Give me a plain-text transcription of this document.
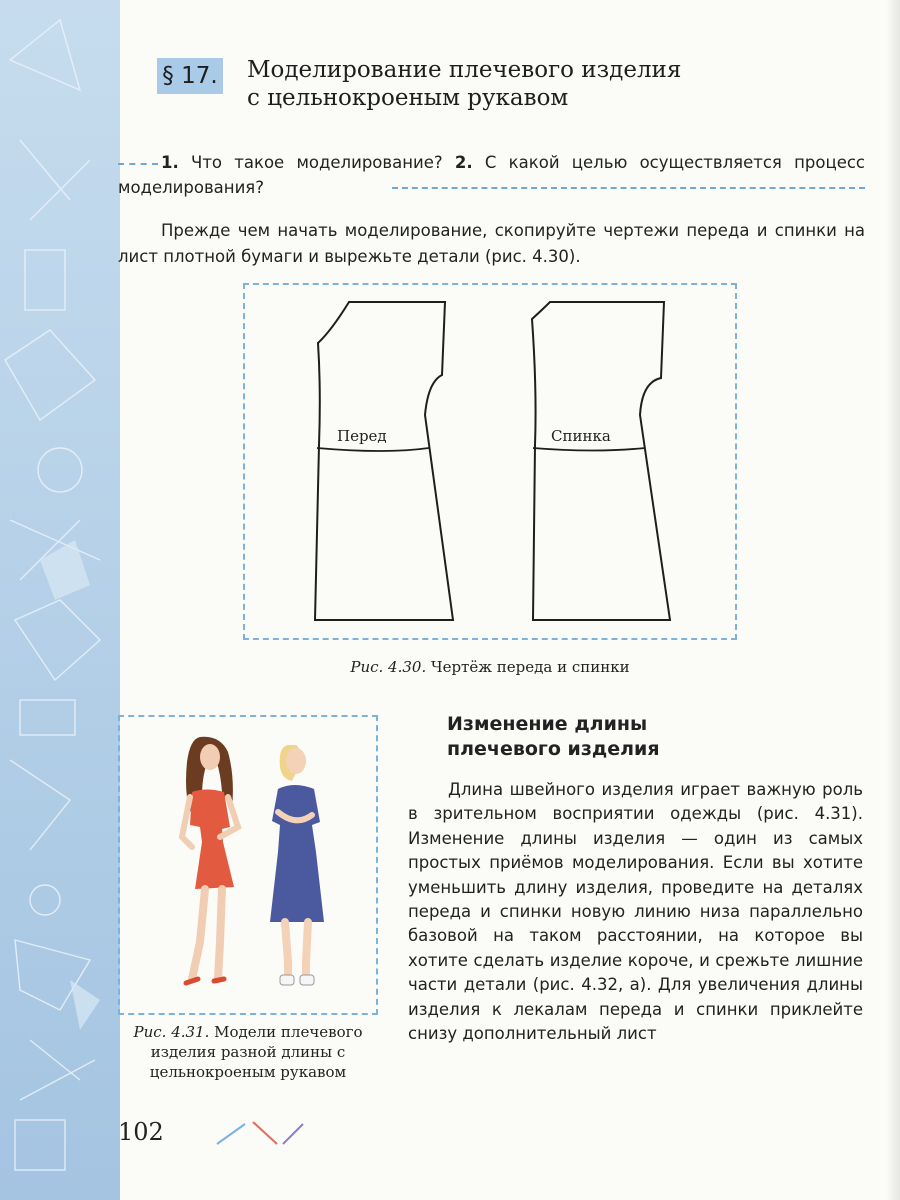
§ 17. Моделирование плечевого изделия
с цельнокроеным рукавом
1. Что такое моделирование? 2. С какой целью осуществляется процесс моделирования?
Прежде чем начать моделирование, скопируйте чертежи переда и спинки на лист плотной бумаги и вырежьте детали (рис. 4.30).
Перед	Спинка
Рис. 4.30. Чертёж переда и спинки
Рис. 4.31. Модели плечевого изделия разной длины с цельнокроеным рукавом
Изменение длины
плечевого изделия
Длина швейного изделия играет важную роль в зрительном восприятии одежды (рис. 4.31). Изменение длины изделия — один из самых простых приёмов моделирования. Если вы хотите уменьшить длину изделия, проведите на деталях переда и спинки новую линию низа параллельно базовой на таком расстоянии, на которое вы хотите сделать изделие короче, и срежьте лишние части детали (рис. 4.32, а). Для увеличения длины изделия к лекалам переда и спинки приклейте снизу дополнительный лист
102
